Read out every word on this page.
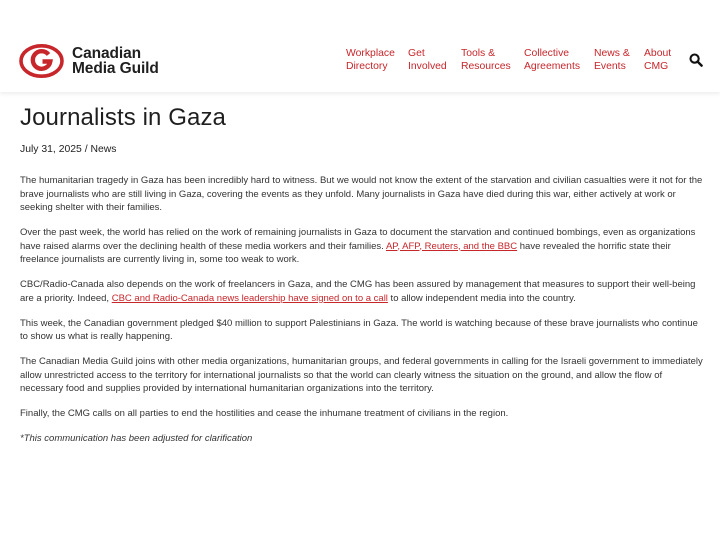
Canadian
Media Guild
Workplace
Directory
Get
Involved
Tools &
Resources
Collective
Agreements
News &
Events
About
CMG
Journalists in Gaza
July 31, 2025 / News

The humanitarian tragedy in Gaza has been incredibly hard to witness. But we would not know the extent of the starvation and civilian casualties were it not for the brave journalists who are still living in Gaza, covering the events as they unfold. Many journalists in Gaza have died during this war, either actively at work or seeking shelter with their families.

Over the past week, the world has relied on the work of remaining journalists in Gaza to document the starvation and continued bombings, even as organizations have raised alarms over the declining health of these media workers and their families. AP, AFP, Reuters, and the BBC have revealed the horrific state their freelance journalists are currently living in, some too weak to work.

CBC/Radio-Canada also depends on the work of freelancers in Gaza, and the CMG has been assured by management that measures to support their well-being are a priority. Indeed, CBC and Radio-Canada news leadership have signed on to a call to allow independent media into the country.

This week, the Canadian government pledged $40 million to support Palestinians in Gaza. The world is watching because of these brave journalists who continue to show us what is really happening.

The Canadian Media Guild joins with other media organizations, humanitarian groups, and federal governments in calling for the Israeli government to immediately allow unrestricted access to the territory for international journalists so that the world can clearly witness the situation on the ground, and allow the flow of necessary food and supplies provided by international humanitarian organizations into the territory.

Finally, the CMG calls on all parties to end the hostilities and cease the inhumane treatment of civilians in the region.

*This communication has been adjusted for clarification
